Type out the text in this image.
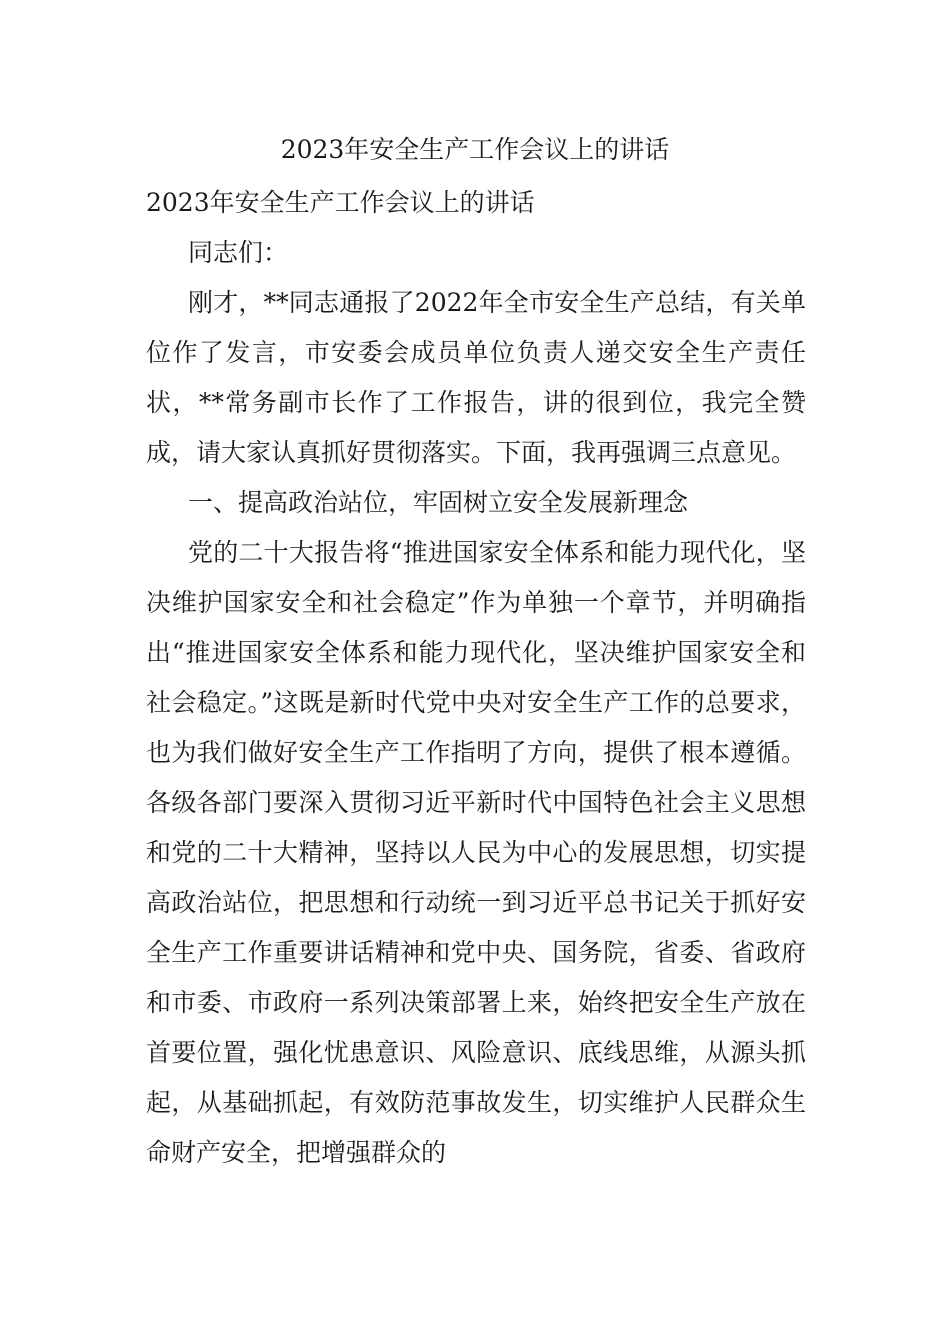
2023年安全生产工作会议上的讲话

2023年安全生产工作会议上的讲话

同志们：

刚才，**同志通报了2022年全市安全生产总结，有关单位作了发言，市安委会成员单位负责人递交安全生产责任状，**常务副市长作了工作报告，讲的很到位，我完全赞成，请大家认真抓好贯彻落实。下面，我再强调三点意见。

一、提高政治站位，牢固树立安全发展新理念

党的二十大报告将“推进国家安全体系和能力现代化，坚决维护国家安全和社会稳定”作为单独一个章节，并明确指出“推进国家安全体系和能力现代化，坚决维护国家安全和社会稳定。”这既是新时代党中央对安全生产工作的总要求，也为我们做好安全生产工作指明了方向，提供了根本遵循。各级各部门要深入贯彻习近平新时代中国特色社会主义思想和党的二十大精神，坚持以人民为中心的发展思想，切实提高政治站位，把思想和行动统一到习近平总书记关于抓好安全生产工作重要讲话精神和党中央、国务院，省委、省政府和市委、市政府一系列决策部署上来，始终把安全生产放在首要位置，强化忧患意识、风险意识、底线思维，从源头抓起，从基础抓起，有效防范事故发生，切实维护人民群众生命财产安全，把增强群众的
